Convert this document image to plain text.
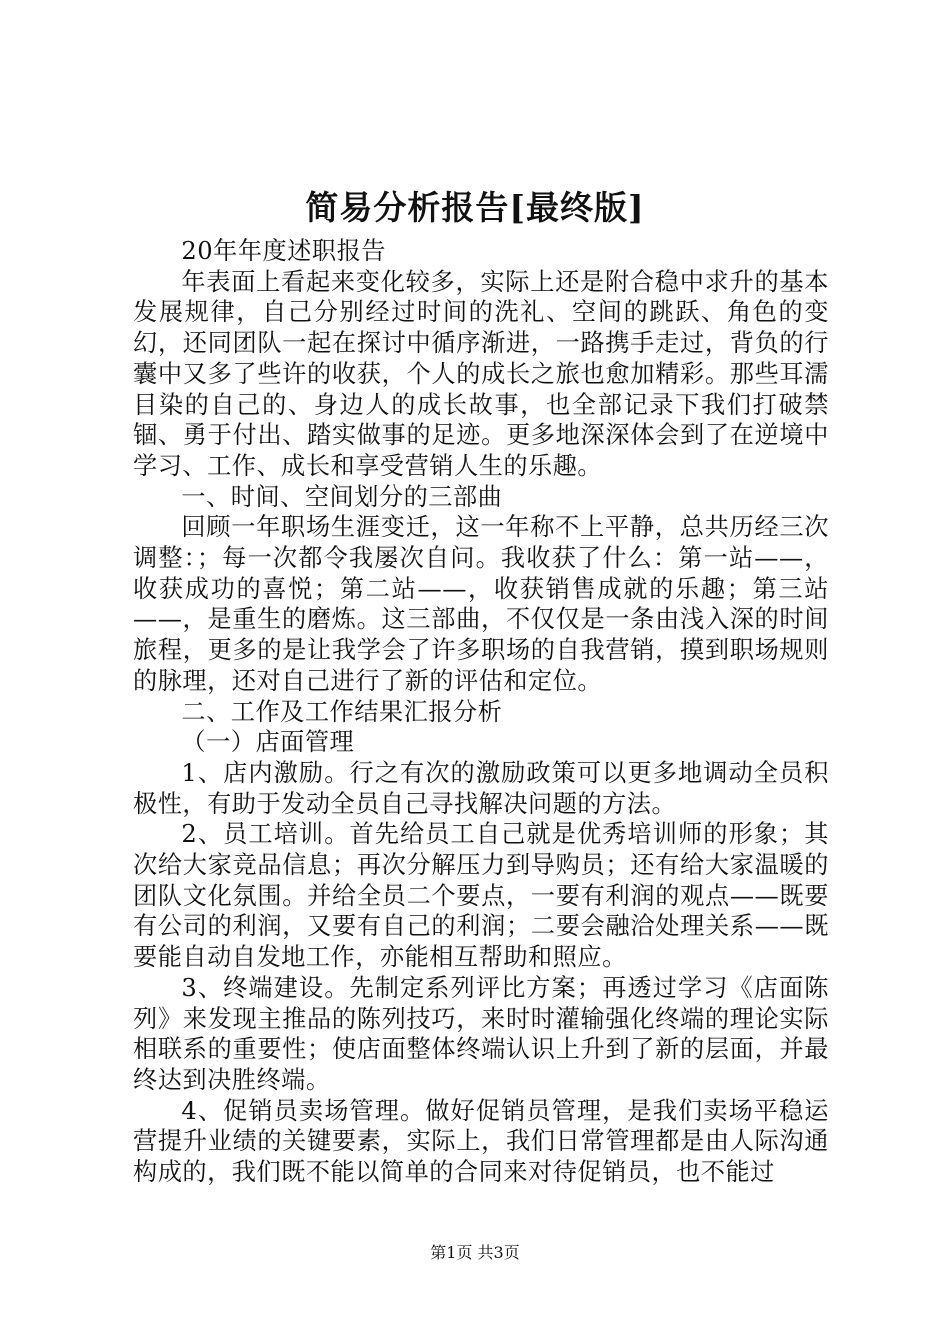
简易分析报告[最终版]

20年年度述职报告

年表面上看起来变化较多，实际上还是附合稳中求升的基本发展规律，自己分别经过时间的洗礼、空间的跳跃、角色的变幻，还同团队一起在探讨中循序渐进，一路携手走过，背负的行囊中又多了些许的收获，个人的成长之旅也愈加精彩。那些耳濡目染的自己的、身边人的成长故事，也全部记录下我们打破禁锢、勇于付出、踏实做事的足迹。更多地深深体会到了在逆境中学习、工作、成长和享受营销人生的乐趣。

一、时间、空间划分的三部曲

回顾一年职场生涯变迁，这一年称不上平静，总共历经三次调整：；每一次都令我屡次自问。我收获了什么：第一站——，收获成功的喜悦；第二站——，收获销售成就的乐趣；第三站——，是重生的磨炼。这三部曲，不仅仅是一条由浅入深的时间旅程，更多的是让我学会了许多职场的自我营销，摸到职场规则的脉理，还对自己进行了新的评估和定位。

二、工作及工作结果汇报分析

（一）店面管理

1、店内激励。行之有次的激励政策可以更多地调动全员积极性，有助于发动全员自己寻找解决问题的方法。

2、员工培训。首先给员工自己就是优秀培训师的形象；其次给大家竞品信息；再次分解压力到导购员；还有给大家温暖的团队文化氛围。并给全员二个要点，一要有利润的观点——既要有公司的利润，又要有自己的利润；二要会融洽处理关系——既要能自动自发地工作，亦能相互帮助和照应。

3、终端建设。先制定系列评比方案；再透过学习《店面陈列》来发现主推品的陈列技巧，来时时灌输强化终端的理论实际相联系的重要性；使店面整体终端认识上升到了新的层面，并最终达到决胜终端。

4、促销员卖场管理。做好促销员管理，是我们卖场平稳运营提升业绩的关键要素，实际上，我们日常管理都是由人际沟通构成的，我们既不能以简单的合同来对待促销员，也不能过

第1页 共3页
